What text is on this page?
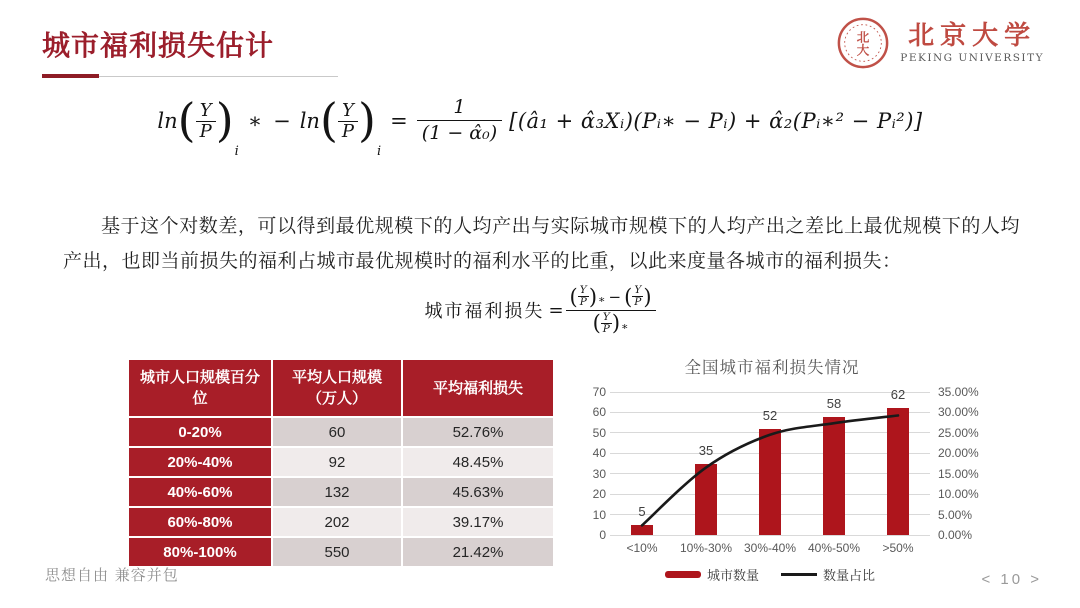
城市福利损失估计	北
大 北京大学
PEKING UNIVERSITY
ln ( $\frac{Y}{P}$ )
i
∗ − ln ( $\frac{Y}{P}$ )
i
= $\frac{1}{\text{(1 − α̂₀)}}$ [(â₁ + α̂₃Xᵢ)(Pᵢ∗ − Pᵢ) + α̂₂(Pᵢ∗² − Pᵢ²)]

基于这个对数差，可以得到最优规模下的人均产出与实际城市规模下的人均产出之差比上最优规模下的人均产出，也即当前损失的福利占城市最优规模时的福利水平的比重，以此来度量各城市的福利损失：

城市福利损失 = ( Y
P ) ∗ − ( Y
P )
( Y
P ) ∗
城市人口规模百分位	平均人口规模（万人）	平均福利损失
0-20%	60	52.76%
20%-40%	92	48.45%
40%-60%	132	45.63%
60%-80%	202	39.17%
80%-100%	550	21.42%
全国城市福利损失情况
5
35
52
58
62
城市数量	数量占比
0	0.00%
10	5.00%
20	10.00%
30	15.00%
40	20.00%
50	25.00%
60	30.00%
70	35.00%
<10%	10%-30% 30%-40% 40%-50%	>50%
思想自由 兼容并包	< 10 >
